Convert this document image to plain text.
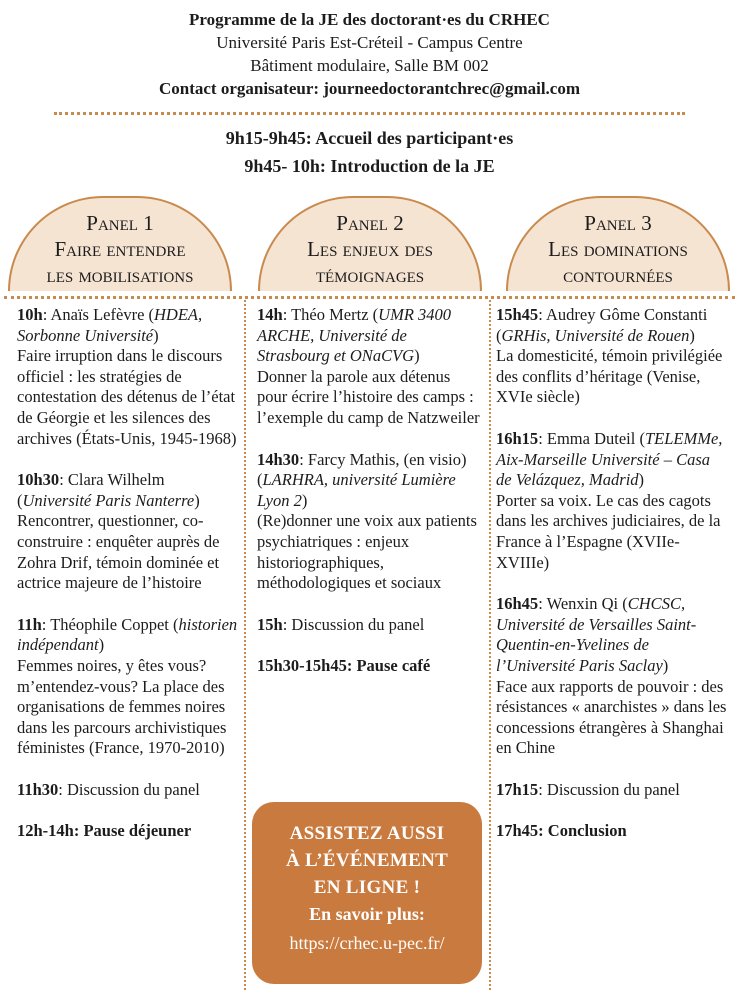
Programme de la JE des doctorant·es du CRHEC
Université Paris Est-Créteil - Campus Centre
Bâtiment modulaire, Salle BM 002
Contact organisateur: journeedoctorantchrec@gmail.com
9h15-9h45: Accueil des participant·es
9h45- 10h: Introduction de la JE
Panel 1
Faire entendre
les mobilisations
Panel 2
Les enjeux des
témoignages
Panel 3
Les dominations
contournées

10h: Anaïs Lefèvre (HDEA, Sorbonne Université)
Faire irruption dans le discours officiel : les stratégies de contestation des détenus de l’état de Géorgie et les silences des archives (États-Unis, 1945-1968)

10h30: Clara Wilhelm (Université Paris Nanterre)
Rencontrer, questionner, co-construire : enquêter auprès de Zohra Drif, témoin dominée et actrice majeure de l’histoire

11h: Théophile Coppet (historien indépendant)
Femmes noires, y êtes vous? m’entendez-vous? La place des organisations de femmes noires dans les parcours archivistiques féministes (France, 1970-2010)

11h30: Discussion du panel

12h-14h: Pause déjeuner

14h: Théo Mertz (UMR 3400 ARCHE, Université de Strasbourg et ONaCVG)
Donner la parole aux détenus pour écrire l’histoire des camps : l’exemple du camp de Natzweiler

14h30: Farcy Mathis, (en visio) (LARHRA, université Lumière Lyon 2)
(Re)donner une voix aux patients psychiatriques : enjeux historiographiques, méthodologiques et sociaux

15h: Discussion du panel

15h30-15h45: Pause café

15h45: Audrey Gôme Constanti (GRHis, Université de Rouen)
La domesticité, témoin privilégiée des conflits d’héritage (Venise, XVIe siècle)

16h15: Emma Duteil (TELEMMe, Aix-Marseille Université – Casa de Velázquez, Madrid)
Porter sa voix. Le cas des cagots dans les archives judiciaires, de la France à l’Espagne (XVIIe-XVIIIe)

16h45: Wenxin Qi (CHCSC, Université de Versailles Saint-Quentin-en-Yvelines de l’Université Paris Saclay)
Face aux rapports de pouvoir : des résistances « anarchistes » dans les concessions étrangères à Shanghai en Chine

17h15: Discussion du panel

17h45: Conclusion

ASSISTEZ AUSSI
À L’ÉVÉNEMENT
EN LIGNE !
En savoir plus:
https://crhec.u-pec.fr/
